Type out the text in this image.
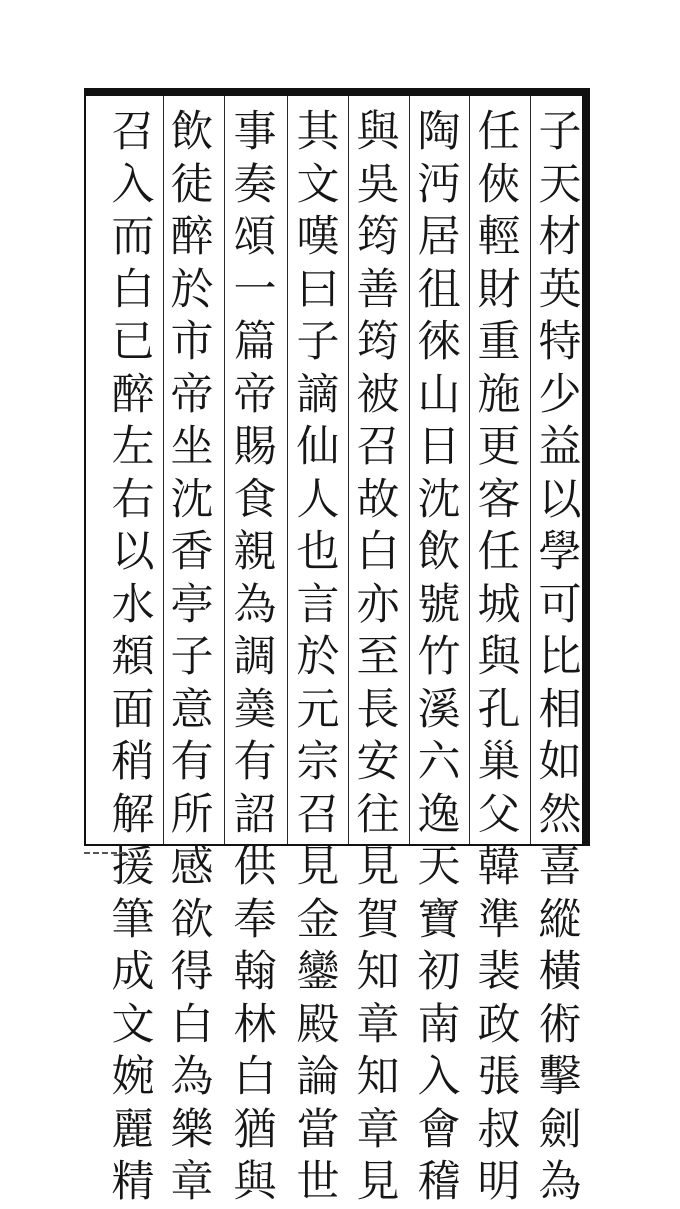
子
天
材
英
特
少
益
以
學
可
比
相
如
然
喜
縱
橫
術
擊
劍
為
任
俠
輕
財
重
施
更
客
任
城
與
孔
巢
父
韓
準
裴
政
張
叔
明
陶
沔
居
徂
徠
山
日
沈
飲
號
竹
溪
六
逸
天
寶
初
南
入
會
稽
與
吳
筠
善
筠
被
召
故
白
亦
至
長
安
往
見
賀
知
章
知
章
見
其
文
嘆
曰
子
謫
仙
人
也
言
於
元
宗
召
見
金
鑾
殿
論
當
世
事
奏
頌
一
篇
帝
賜
食
親
為
調
羮
有
詔
供
奉
翰
林
白
猶
與
飲
徒
醉
於
市
帝
坐
沈
香
亭
子
意
有
所
感
欲
得
白
為
樂
章
召
入
而
白
已
醉
左
右
以
水
頮
面
稍
解
援
筆
成
文
婉
麗
精
